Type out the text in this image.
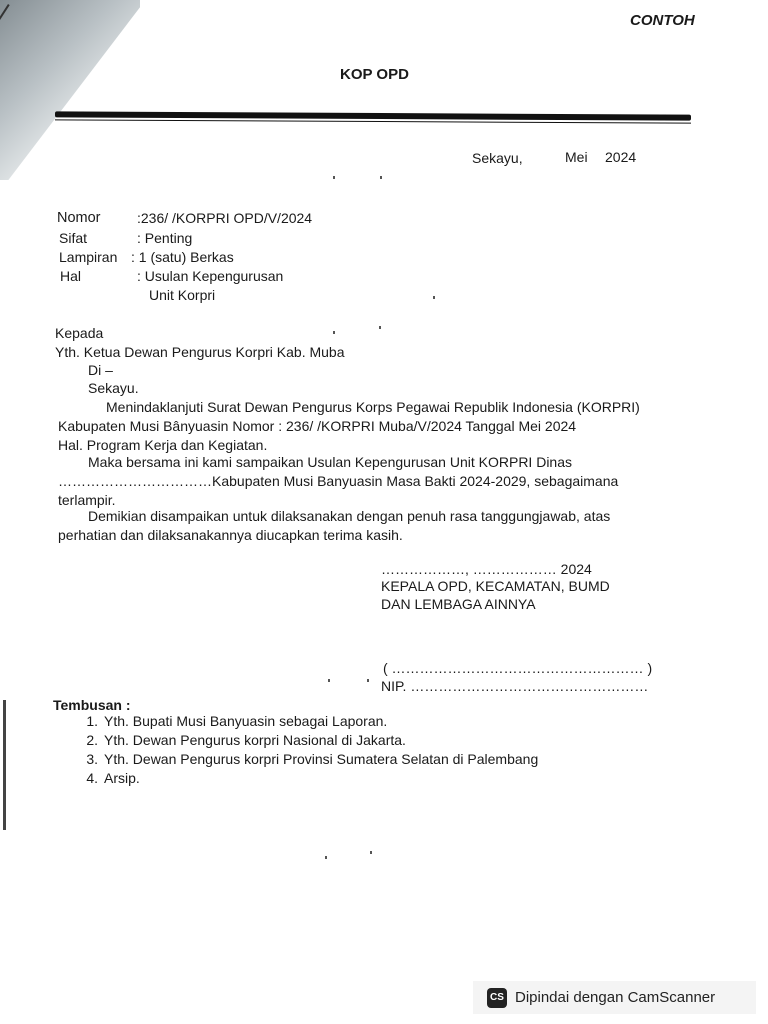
CONTOH
KOP OPD
Sekayu,	Mei 2024
Nomor	:236/ /KORPRI OPD/V/2024
Sifat	: Penting
Lampiran : 1 (satu) Berkas
Hal	: Usulan Kepengurusan
Unit Korpri
Kepada
Yth. Ketua Dewan Pengurus Korpri Kab. Muba
Di –
Sekayu.
Menindaklanjuti Surat Dewan Pengurus Korps Pegawai Republik Indonesia (KORPRI)
Kabupaten Musi Bânyuasin Nomor : 236/ /KORPRI Muba/V/2024 Tanggal Mei 2024
Hal. Program Kerja dan Kegiatan.
Maka bersama ini kami sampaikan Usulan Kepengurusan Unit KORPRI Dinas
……………………………Kabupaten Musi Banyuasin Masa Bakti 2024-2029, sebagaimana
terlampir.
Demikian disampaikan untuk dilaksanakan dengan penuh rasa tanggungjawab, atas
perhatian dan dilaksanakannya diucapkan terima kasih.
………………, ……………… 2024
KEPALA OPD, KECAMATAN, BUMD
DAN LEMBAGA AINNYA
( ……………………………………………… )
NIP. ……………………………………………
Tembusan :
1. Yth. Bupati Musi Banyuasin sebagai Laporan.
2. Yth. Dewan Pengurus korpri Nasional di Jakarta.
3. Yth. Dewan Pengurus korpri Provinsi Sumatera Selatan di Palembang
4. Arsip.
CS Dipindai dengan CamScanner
